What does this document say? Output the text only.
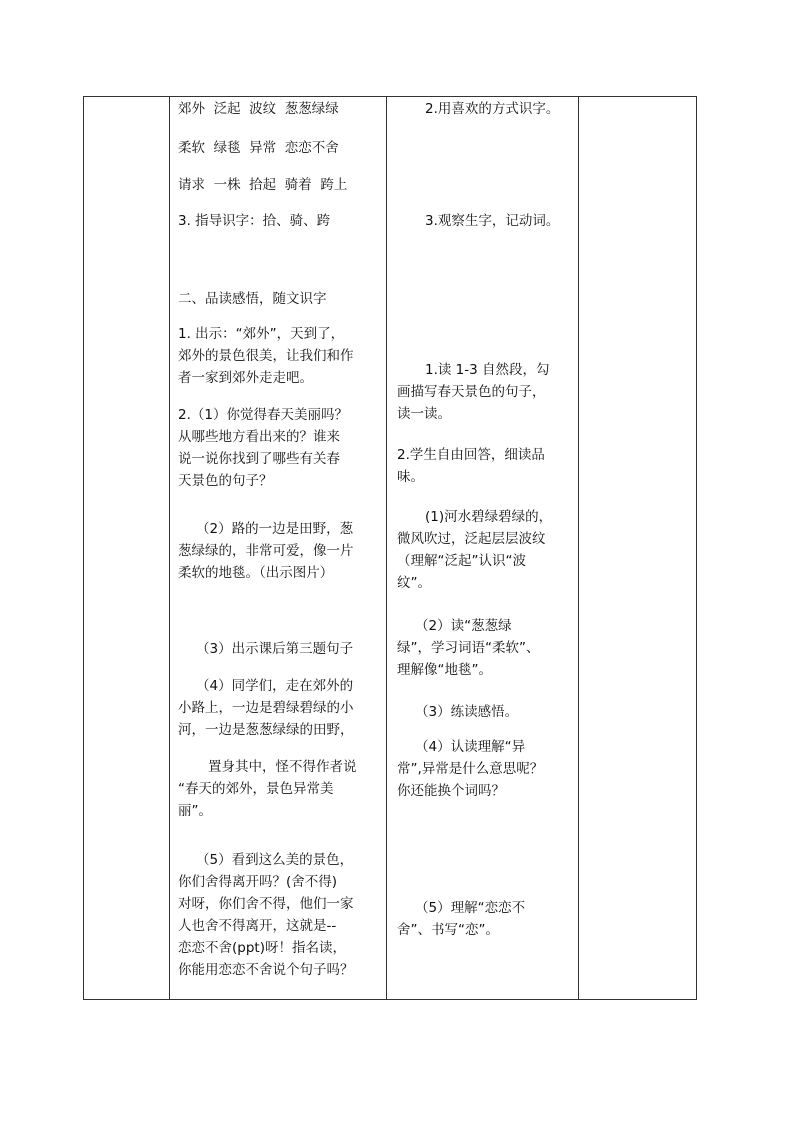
郊外  泛起  波纹  葱葱绿绿

柔软  绿毯  异常  恋恋不舍

请求  一株  拾起  骑着  跨上

3. 指导识字：拾、骑、跨

二、品读感悟，随文识字

1. 出示：“郊外”，天到了，

郊外的景色很美，让我们和作

者一家到郊外走走吧。

2.（1）你觉得春天美丽吗？

从哪些地方看出来的？谁来

说一说你找到了哪些有关春

天景色的句子？

（2）路的一边是田野，葱

葱绿绿的，非常可爱，像一片

柔软的地毯。（出示图片）

（3）出示课后第三题句子

（4）同学们，走在郊外的

小路上，一边是碧绿碧绿的小

河，一边是葱葱绿绿的田野，

置身其中，怪不得作者说

“春天的郊外，景色异常美

丽”。

（5）看到这么美的景色，

你们舍得离开吗？(舍不得)

对呀，你们舍不得，他们一家

人也舍不得离开，这就是--

恋恋不舍(ppt)呀！指名读，

你能用恋恋不舍说个句子吗？

2.用喜欢的方式识字。

3.观察生字，记动词。

1.读 1-3 自然段，勾

画描写春天景色的句子，

读一读。

2.学生自由回答，细读品

味。

(1)河水碧绿碧绿的，

微风吹过，泛起层层波纹

（理解“泛起”认识“波

纹”。

（2）读“葱葱绿

绿”，学习词语“柔软”、

理解像“地毯”。

（3）练读感悟。

（4）认读理解“异

常”,异常是什么意思呢？

你还能换个词吗？

（5）理解“恋恋不

舍”、书写“恋”。
